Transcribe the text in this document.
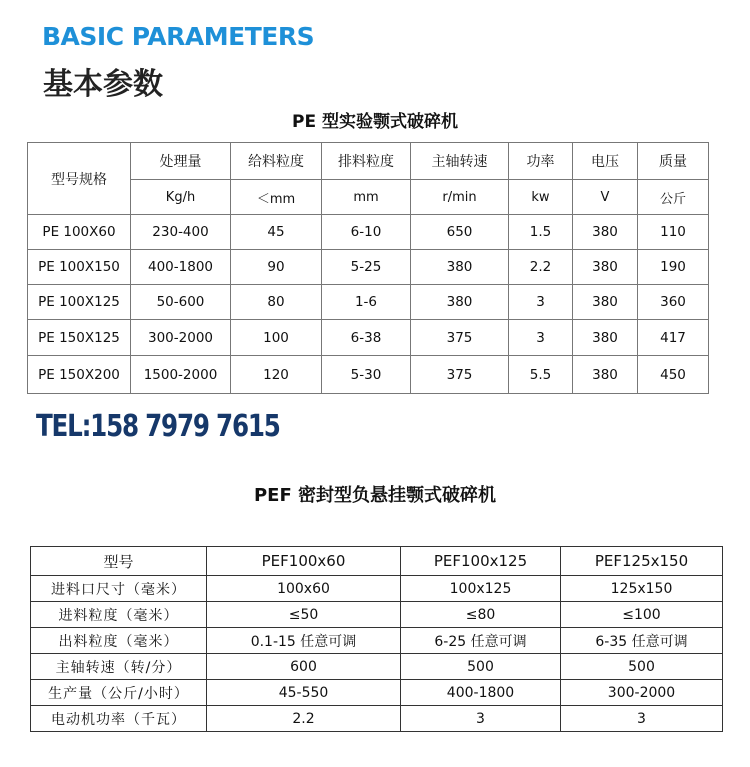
BASIC PARAMETERS
基本参数
PE 型实验颚式破碎机
型号规格	处理量	给料粒度	排料粒度	主轴转速	功率	电压	质量
	Kg/h	＜mm	mm	r/min	kw	V	公斤
PE 100X60	230-400	45	6-10	650	1.5	380	110
PE 100X150	400-1800	90	5-25	380	2.2	380	190
PE 100X125	50-600	80	1-6	380	3	380	360
PE 150X125	300-2000	100	6-38	375	3	380	417
PE 150X200	1500-2000	120	5-30	375	5.5	380	450
TEL:158 7979 7615
PEF 密封型负悬挂颚式破碎机
型号	PEF100x60	PEF100x125	PEF125x150
进料口尺寸（毫米）	100x60	100x125	125x150
进料粒度（毫米）	≤50	≤80	≤100
出料粒度（毫米）	0.1-15 任意可调	6-25 任意可调	6-35 任意可调
主轴转速（转/分）	600	500	500
生产量（公斤/小时）	45-550	400-1800	300-2000
电动机功率（千瓦）	2.2	3	3
